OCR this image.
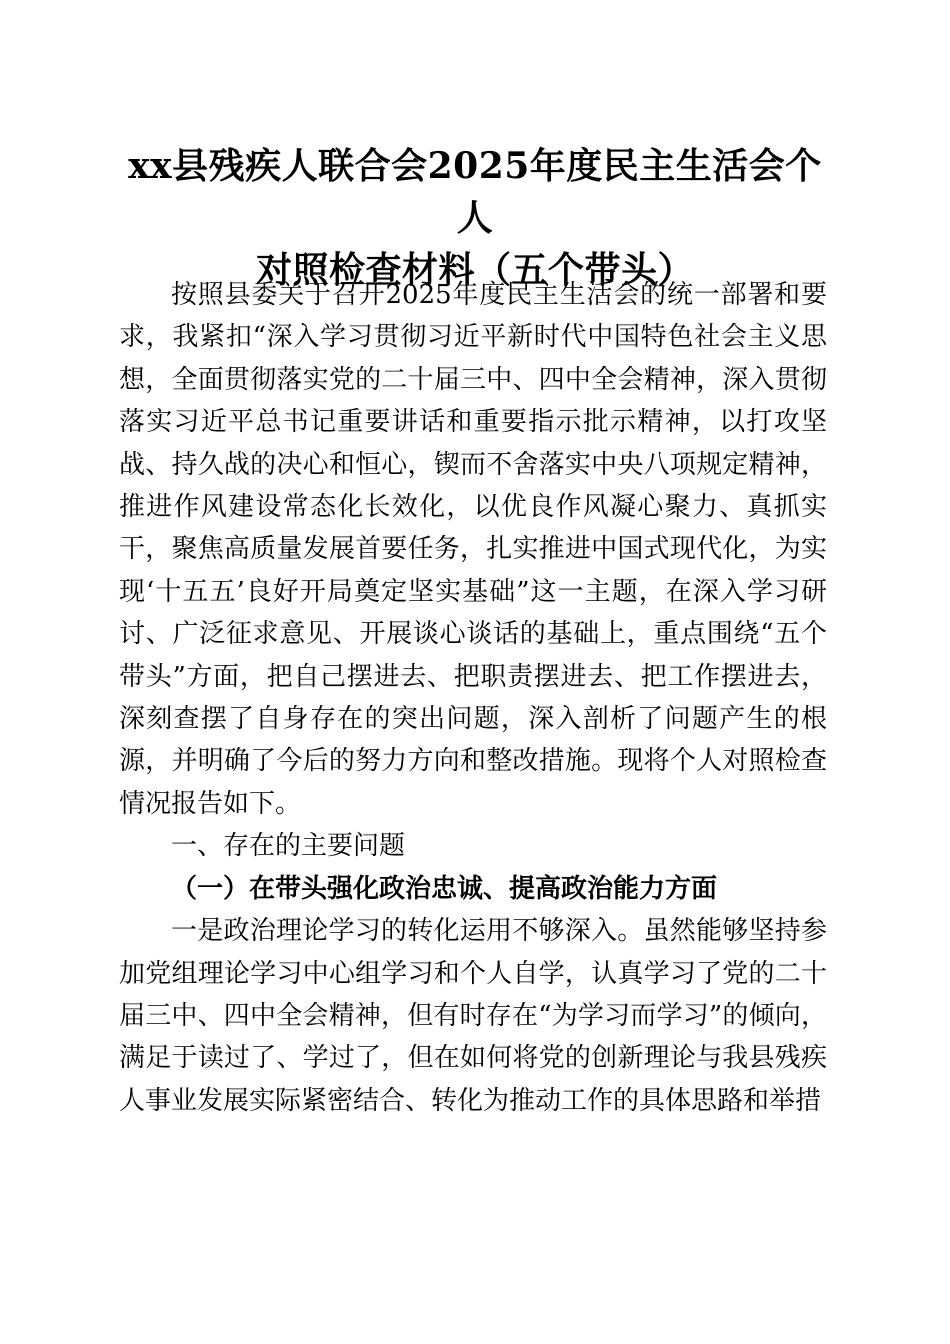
xx县残疾人联合会2025年度民主生活会个人
对照检查材料（五个带头）

按照县委关于召开2025年度民主生活会的统一部署和要求，我紧扣“深入学习贯彻习近平新时代中国特色社会主义思想，全面贯彻落实党的二十届三中、四中全会精神，深入贯彻落实习近平总书记重要讲话和重要指示批示精神，以打攻坚战、持久战的决心和恒心，锲而不舍落实中央八项规定精神，推进作风建设常态化长效化，以优良作风凝心聚力、真抓实干，聚焦高质量发展首要任务，扎实推进中国式现代化，为实现‘十五五’良好开局奠定坚实基础”这一主题，在深入学习研讨、广泛征求意见、开展谈心谈话的基础上，重点围绕“五个带头”方面，把自己摆进去、把职责摆进去、把工作摆进去，深刻查摆了自身存在的突出问题，深入剖析了问题产生的根源，并明确了今后的努力方向和整改措施。现将个人对照检查情况报告如下。

一、存在的主要问题

（一）在带头强化政治忠诚、提高政治能力方面

一是政治理论学习的转化运用不够深入。虽然能够坚持参加党组理论学习中心组学习和个人自学，认真学习了党的二十届三中、四中全会精神，但有时存在“为学习而学习”的倾向，满足于读过了、学过了，但在如何将党的创新理论与我县残疾人事业发展实际紧密结合、转化为推动工作的具体思路和举措
